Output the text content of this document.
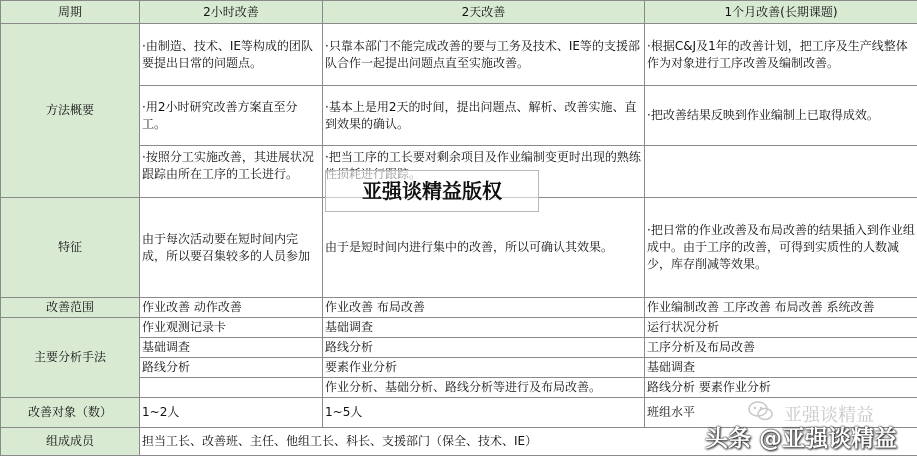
周期	2小时改善	2天改善	1个月改善(长期课题)
方法概要	·由制造、技术、IE等构成的团队要提出日常的问题点。	·只靠本部门不能完成改善的要与工务及技术、IE等的支援部队合作一起提出问题点直至实施改善。	·根据C&J及1年的改善计划，把工序及生产线整体作为对象进行工序改善及编制改善。
	·用2小时研究改善方案直至分工。	·基本上是用2天的时间，提出问题点、解析、改善实施、直到效果的确认。	·把改善结果反映到作业编制上已取得成效。
	·按照分工实施改善，其进展状况跟踪由所在工序的工长进行。	·把当工序的工长要对剩余项目及作业编制变更时出现的熟练	
特征	由于每次活动要在短时间内完成，所以要召集较多的人员参加	由于是短时间内进行集中的改善，所以可确认其效果。	·把日常的作业改善及布局改善的结果插入到作业组成中。由于工序的改善，可得到实质性的人数减少，库存削减等效果。
改善范围	作业改善 动作改善	作业改善 布局改善	作业编制改善 工序改善 布局改善 系统改善
主要分析手法	作业观测记录卡	基础调查	运行状况分析
	基础调查	路线分析	工序分析及布局改善
	路线分析	要素作业分析	基础调查
		作业分析、基础分析、路线分析等进行及布局改善。	路线分析 要素作业分析
改善对象（数）	1~2人	1~5人	班组水平
组成成员	担当工长、改善班、主任、他组工长、科长、支援部门（保全、技术、IE）		
亚强谈精益版权
亚强谈精益
头条 @亚强谈精益
